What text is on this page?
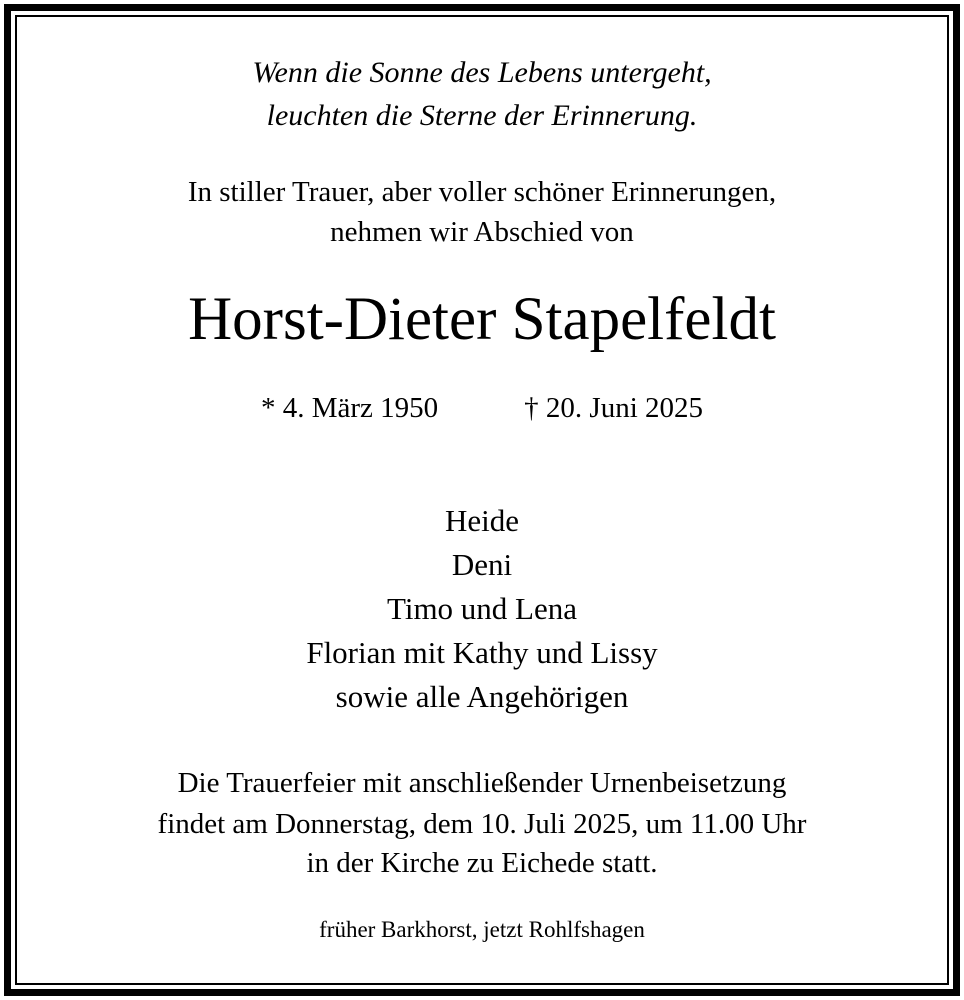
Wenn die Sonne des Lebens untergeht,
leuchten die Sterne der Erinnerung.
In stiller Trauer, aber voller schöner Erinnerungen,
nehmen wir Abschied von
Horst-Dieter Stapelfeldt
* 4. März 1950	† 20. Juni 2025
Heide
Deni
Timo und Lena
Florian mit Kathy und Lissy
sowie alle Angehörigen
Die Trauerfeier mit anschließender Urnenbeisetzung
findet am Donnerstag, dem 10. Juli 2025, um 11.00 Uhr
in der Kirche zu Eichede statt.
früher Barkhorst, jetzt Rohlfshagen
